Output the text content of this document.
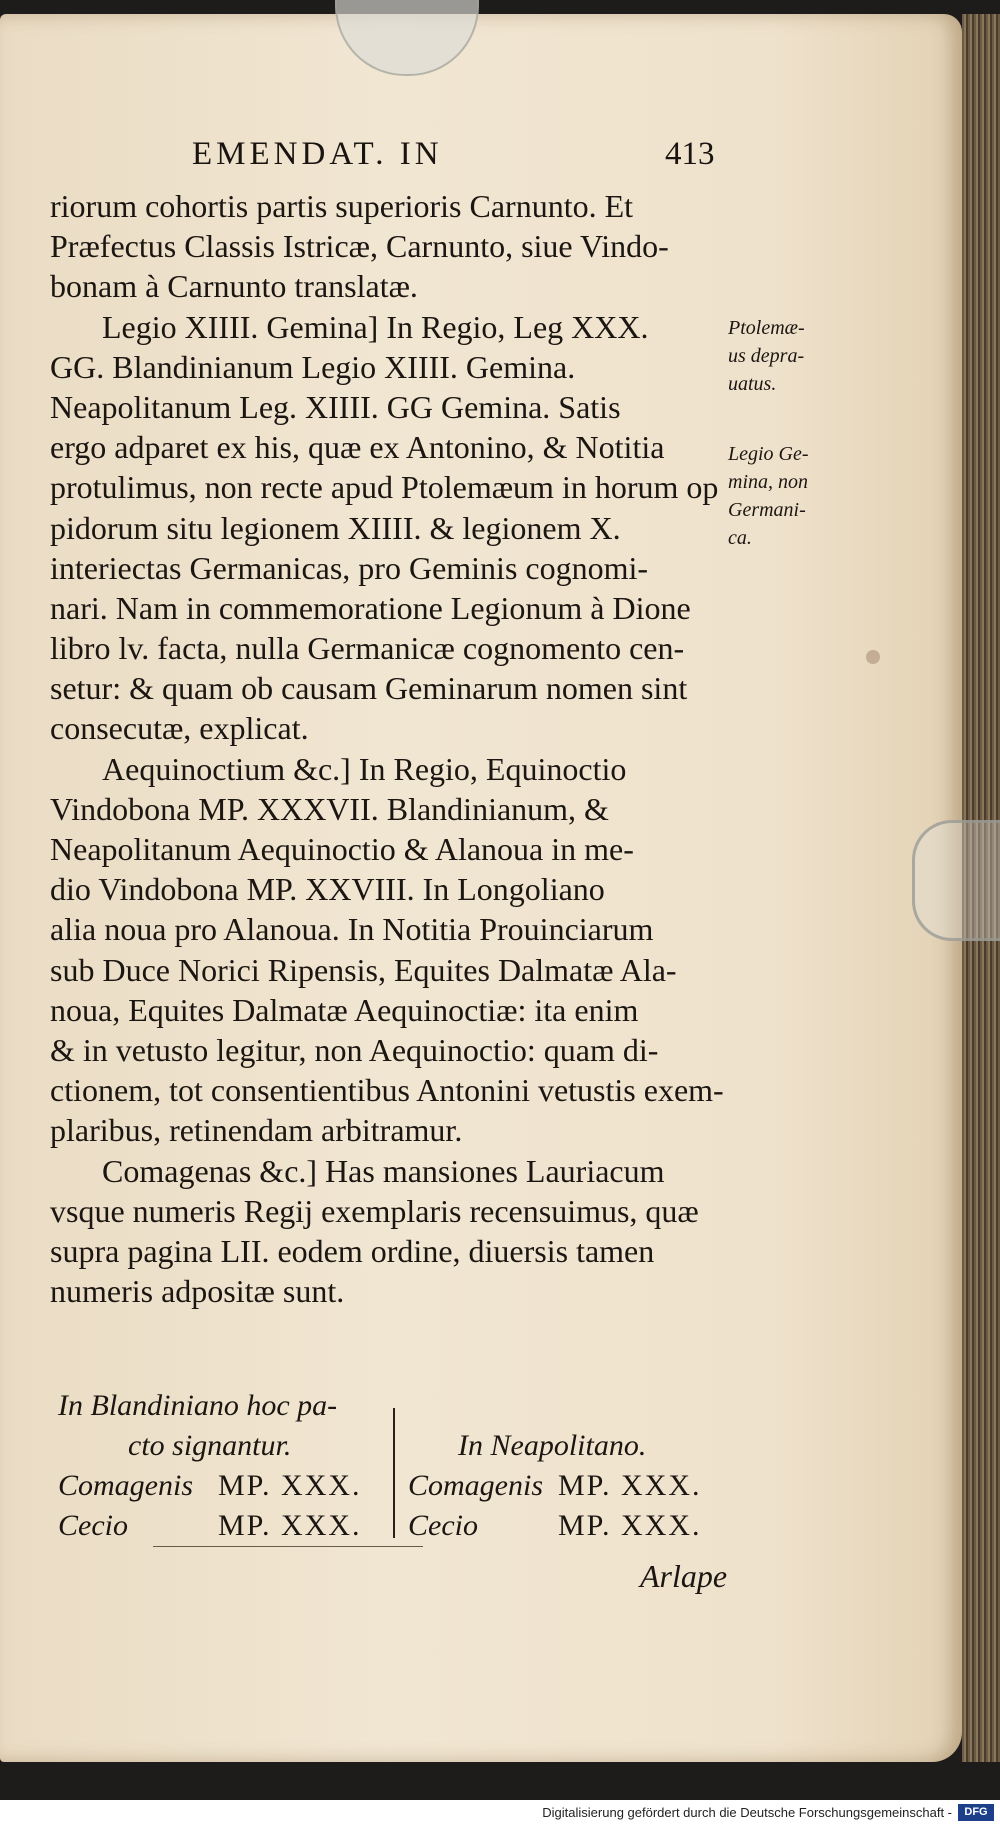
EMENDAT. IN	413
riorum cohortis partis superioris Carnunto. Et
Præfectus Classis Istricæ, Carnunto, siue Vindo-
bonam à Carnunto translatæ.
Legio XIIII. Gemina] In Regio, Leg XXX.
GG. Blandinianum Legio XIIII. Gemina.
Neapolitanum Leg. XIIII. GG Gemina. Satis
ergo adparet ex his, quæ ex Antonino, & Notitia
protulimus, non recte apud Ptolemæum in horum op
pidorum situ legionem XIIII. & legionem X.
interiectas Germanicas, pro Geminis cognomi-
nari. Nam in commemoratione Legionum à Dione
libro lv. facta, nulla Germanicæ cognomento cen-
setur: & quam ob causam Geminarum nomen sint
consecutæ, explicat.
Aequinoctium &c.] In Regio, Equinoctio
Vindobona MP. XXXVII. Blandinianum, &
Neapolitanum Aequinoctio & Alanoua in me-
dio Vindobona MP. XXVIII. In Longoliano
alia noua pro Alanoua. In Notitia Prouinciarum
sub Duce Norici Ripensis, Equites Dalmatæ Ala-
noua, Equites Dalmatæ Aequinoctiæ: ita enim
& in vetusto legitur, non Aequinoctio: quam di-
ctionem, tot consentientibus Antonini vetustis exem-
plaribus, retinendam arbitramur.
Comagenas &c.] Has mansiones Lauriacum
vsque numeris Regij exemplaris recensuimus, quæ
supra pagina LII. eodem ordine, diuersis tamen
numeris adpositæ sunt.
Ptolemæ-
us depra-
uatus.
Legio Ge-
mina, non
Germani-
ca.
In Blandiniano hoc pa-
cto signantur.
Comagenis MP. XXX.
Cecio	MP. XXX.
In Neapolitano.
Comagenis MP. XXX.
Cecio	MP. XXX.
Arlape
Digitalisierung gefördert durch die Deutsche Forschungsgemeinschaft -	DFG
